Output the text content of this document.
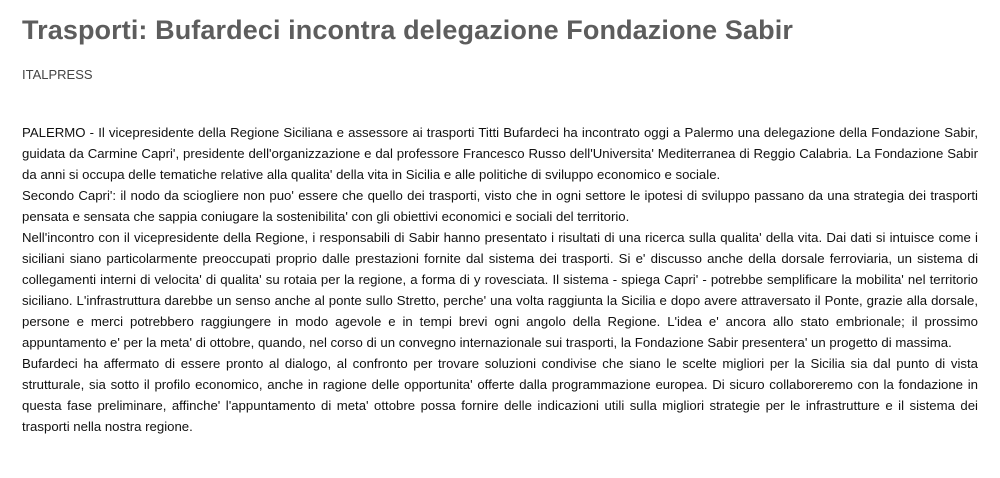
Trasporti: Bufardeci incontra delegazione Fondazione Sabir
ITALPRESS

PALERMO - Il vicepresidente della Regione Siciliana e assessore ai trasporti Titti Bufardeci ha incontrato oggi a Palermo una delegazione della Fondazione Sabir, guidata da Carmine Capri', presidente dell'organizzazione e dal professore Francesco Russo dell'Universita' Mediterranea di Reggio Calabria. La Fondazione Sabir da anni si occupa delle tematiche relative alla qualita' della vita in Sicilia e alle politiche di sviluppo economico e sociale.

Secondo Capri': il nodo da sciogliere non puo' essere che quello dei trasporti, visto che in ogni settore le ipotesi di sviluppo passano da una strategia dei trasporti pensata e sensata che sappia coniugare la sostenibilita' con gli obiettivi economici e sociali del territorio.

Nell'incontro con il vicepresidente della Regione, i responsabili di Sabir hanno presentato i risultati di una ricerca sulla qualita' della vita. Dai dati si intuisce come i siciliani siano particolarmente preoccupati proprio dalle prestazioni fornite dal sistema dei trasporti. Si e' discusso anche della dorsale ferroviaria, un sistema di collegamenti interni di velocita' di qualita' su rotaia per la regione, a forma di y rovesciata. Il sistema - spiega Capri' - potrebbe semplificare la mobilita' nel territorio siciliano. L'infrastruttura darebbe un senso anche al ponte sullo Stretto, perche' una volta raggiunta la Sicilia e dopo avere attraversato il Ponte, grazie alla dorsale, persone e merci potrebbero raggiungere in modo agevole e in tempi brevi ogni angolo della Regione. L'idea e' ancora allo stato embrionale; il prossimo appuntamento e' per la meta' di ottobre, quando, nel corso di un convegno internazionale sui trasporti, la Fondazione Sabir presentera' un progetto di massima.

Bufardeci ha affermato di essere pronto al dialogo, al confronto per trovare soluzioni condivise che siano le scelte migliori per la Sicilia sia dal punto di vista strutturale, sia sotto il profilo economico, anche in ragione delle opportunita' offerte dalla programmazione europea. Di sicuro collaboreremo con la fondazione in questa fase preliminare, affinche' l'appuntamento di meta' ottobre possa fornire delle indicazioni utili sulla migliori strategie per le infrastrutture e il sistema dei trasporti nella nostra regione.
